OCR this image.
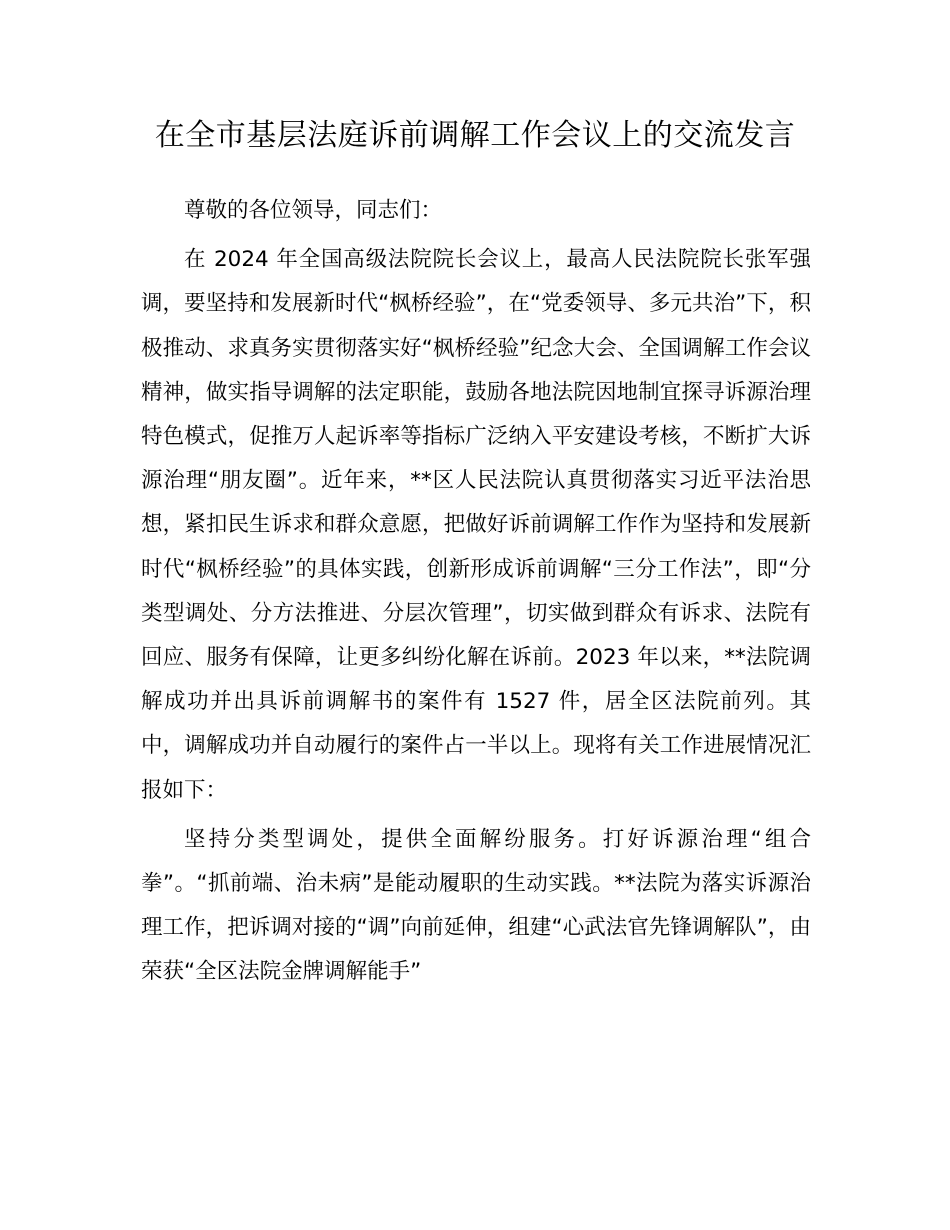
在全市基层法庭诉前调解工作会议上的交流发言

尊敬的各位领导，同志们：

在 2024 年全国高级法院院长会议上，最高人民法院院长张军强调，要坚持和发展新时代“枫桥经验”，在“党委领导、多元共治”下，积极推动、求真务实贯彻落实好“枫桥经验”纪念大会、全国调解工作会议精神，做实指导调解的法定职能，鼓励各地法院因地制宜探寻诉源治理特色模式，促推万人起诉率等指标广泛纳入平安建设考核，不断扩大诉源治理“朋友圈”。近年来，**区人民法院认真贯彻落实习近平法治思想，紧扣民生诉求和群众意愿，把做好诉前调解工作作为坚持和发展新时代“枫桥经验”的具体实践，创新形成诉前调解“三分工作法”，即“分类型调处、分方法推进、分层次管理”，切实做到群众有诉求、法院有回应、服务有保障，让更多纠纷化解在诉前。2023 年以来，**法院调解成功并出具诉前调解书的案件有 1527 件，居全区法院前列。其中，调解成功并自动履行的案件占一半以上。现将有关工作进展情况汇报如下：

坚持分类型调处，提供全面解纷服务。打好诉源治理“组合拳”。“抓前端、治未病”是能动履职的生动实践。**法院为落实诉源治理工作，把诉调对接的“调”向前延伸，组建“心武法官先锋调解队”，由荣获“全区法院金牌调解能手”
